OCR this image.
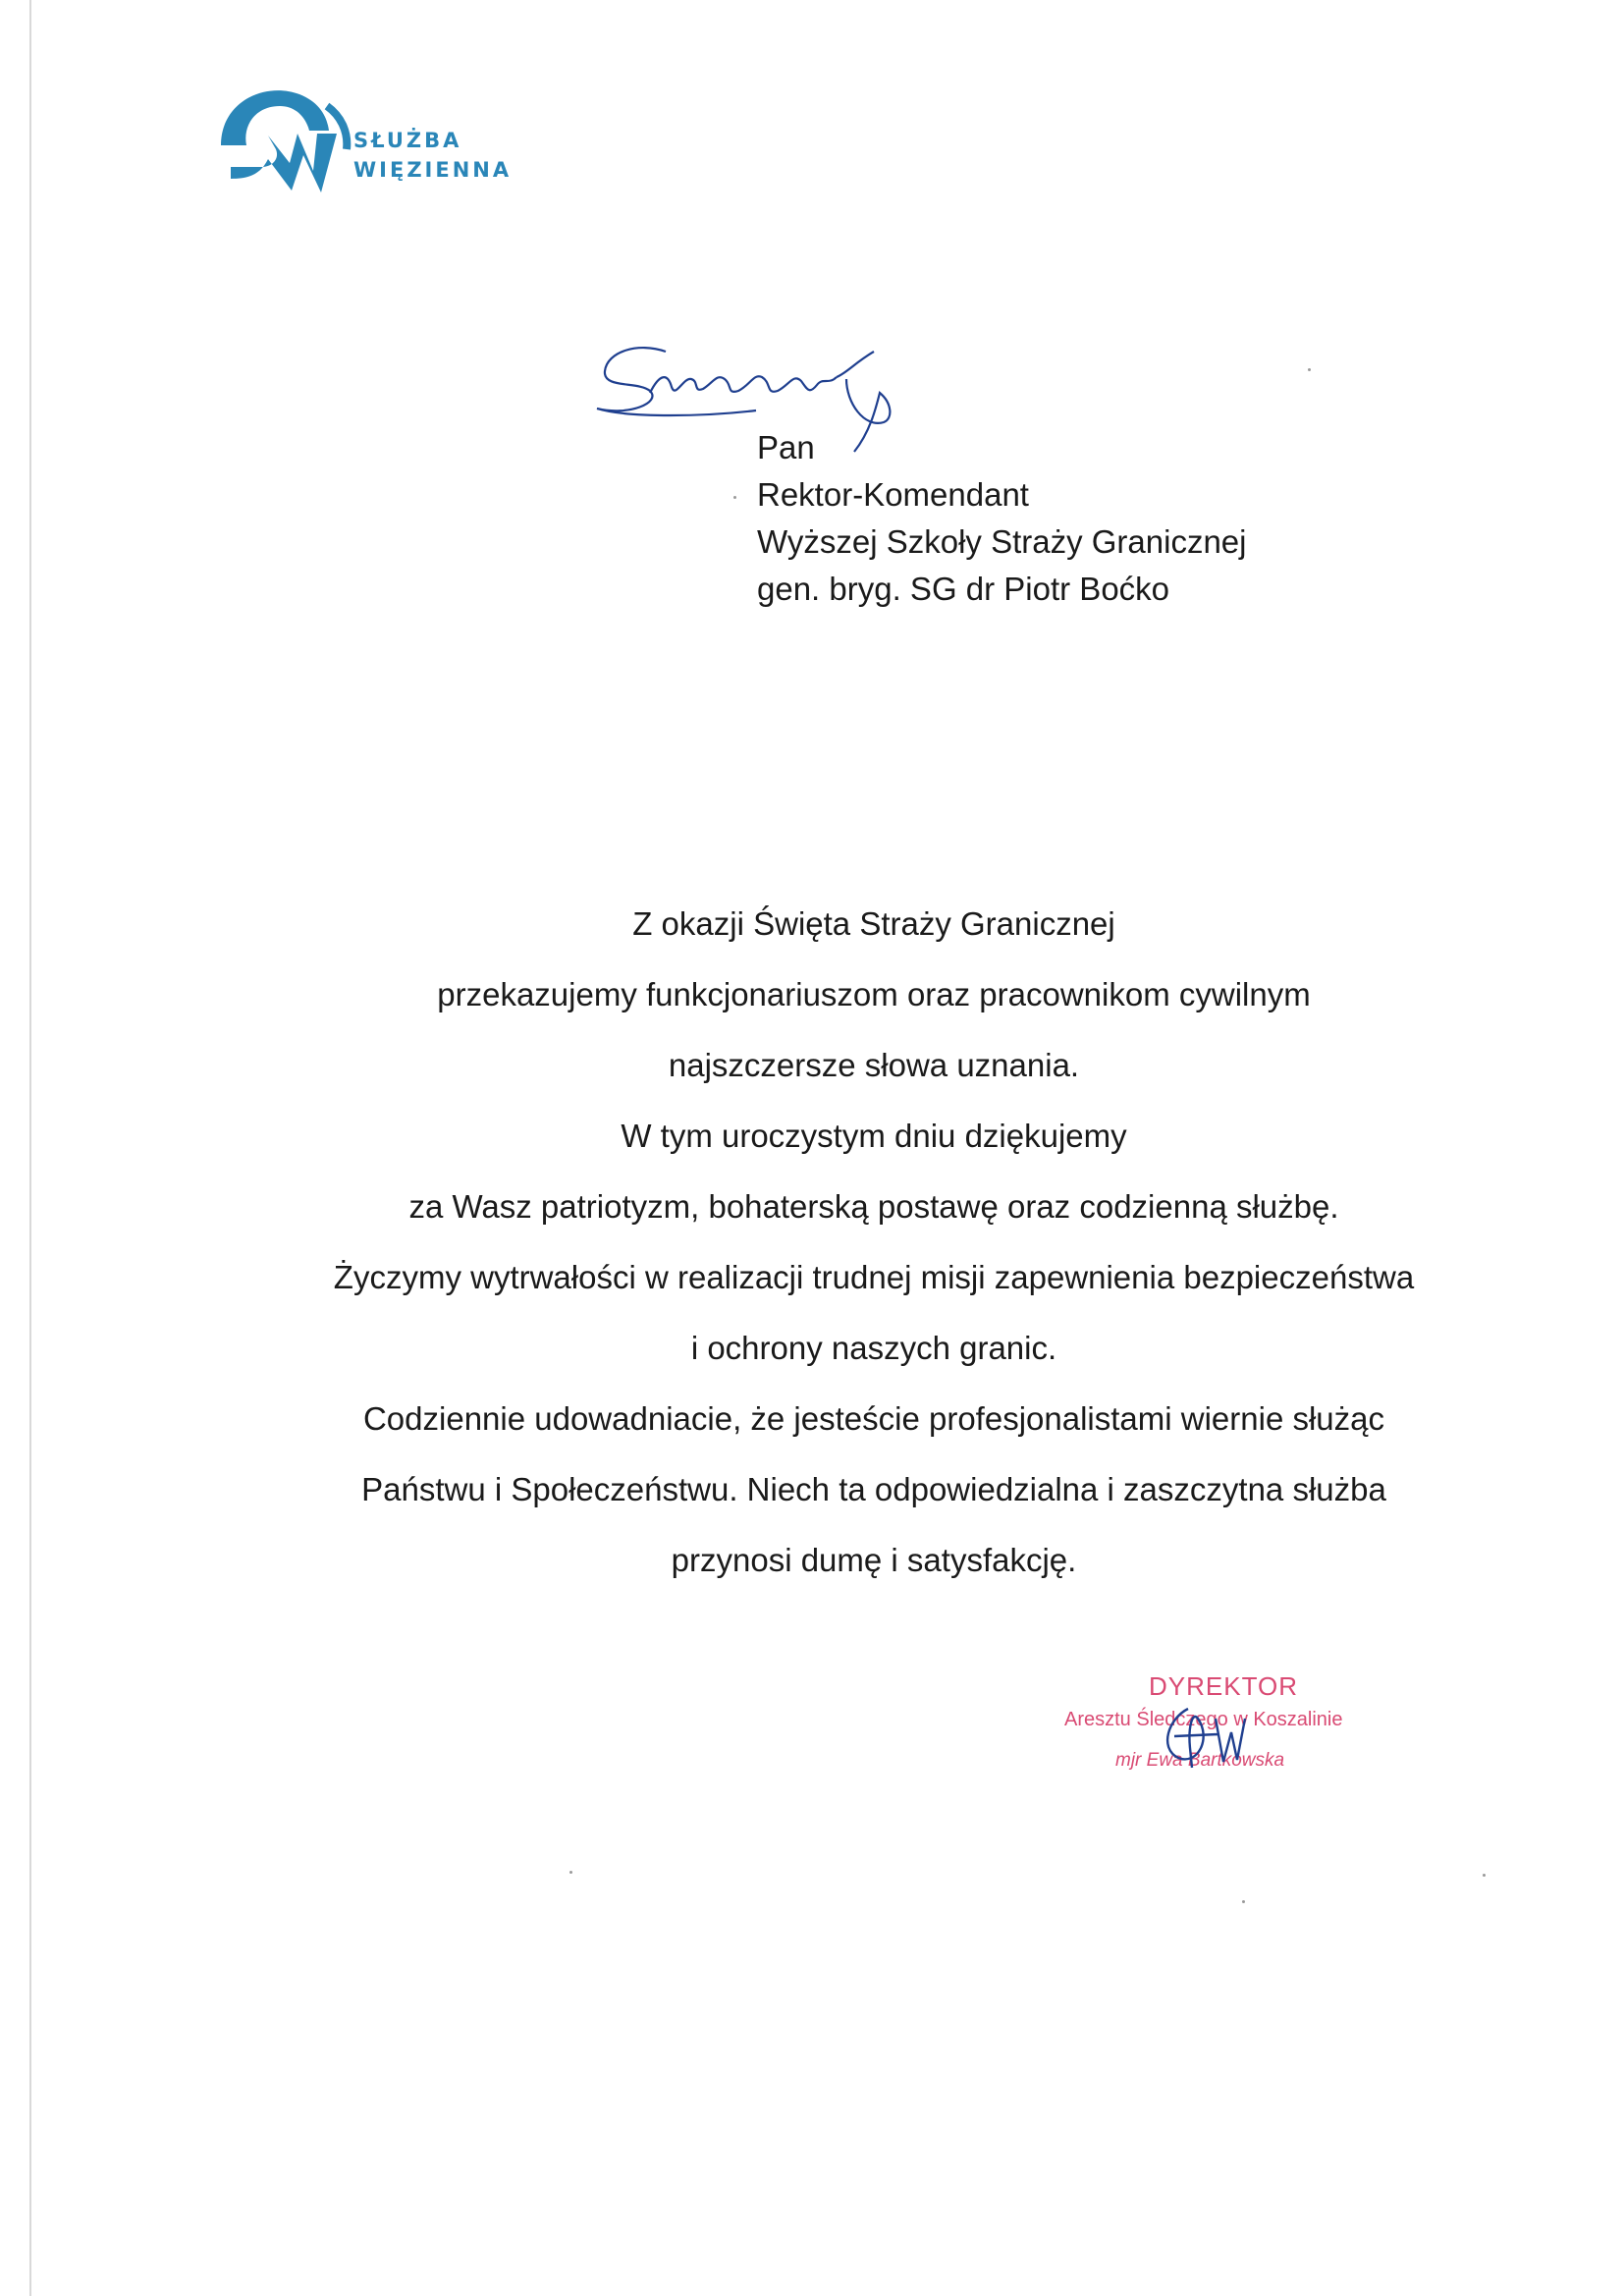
SŁUŻBA
WIĘZIENNA
Pan
Rektor-Komendant
Wyższej Szkoły Straży Granicznej
gen. bryg. SG dr Piotr Boćko
Z okazji Święta Straży Granicznej
przekazujemy funkcjonariuszom oraz pracownikom cywilnym
najszczersze słowa uznania.
W tym uroczystym dniu dziękujemy
za Wasz patriotyzm, bohaterską postawę oraz codzienną służbę.
Życzymy wytrwałości w realizacji trudnej misji zapewnienia bezpieczeństwa
i ochrony naszych granic.
Codziennie udowadniacie, że jesteście profesjonalistami wiernie służąc
Państwu i Społeczeństwu. Niech ta odpowiedzialna i zaszczytna służba
przynosi dumę i satysfakcję.
DYREKTOR
Aresztu Śledczego w Koszalinie
mjr Ewa Bartkowska
